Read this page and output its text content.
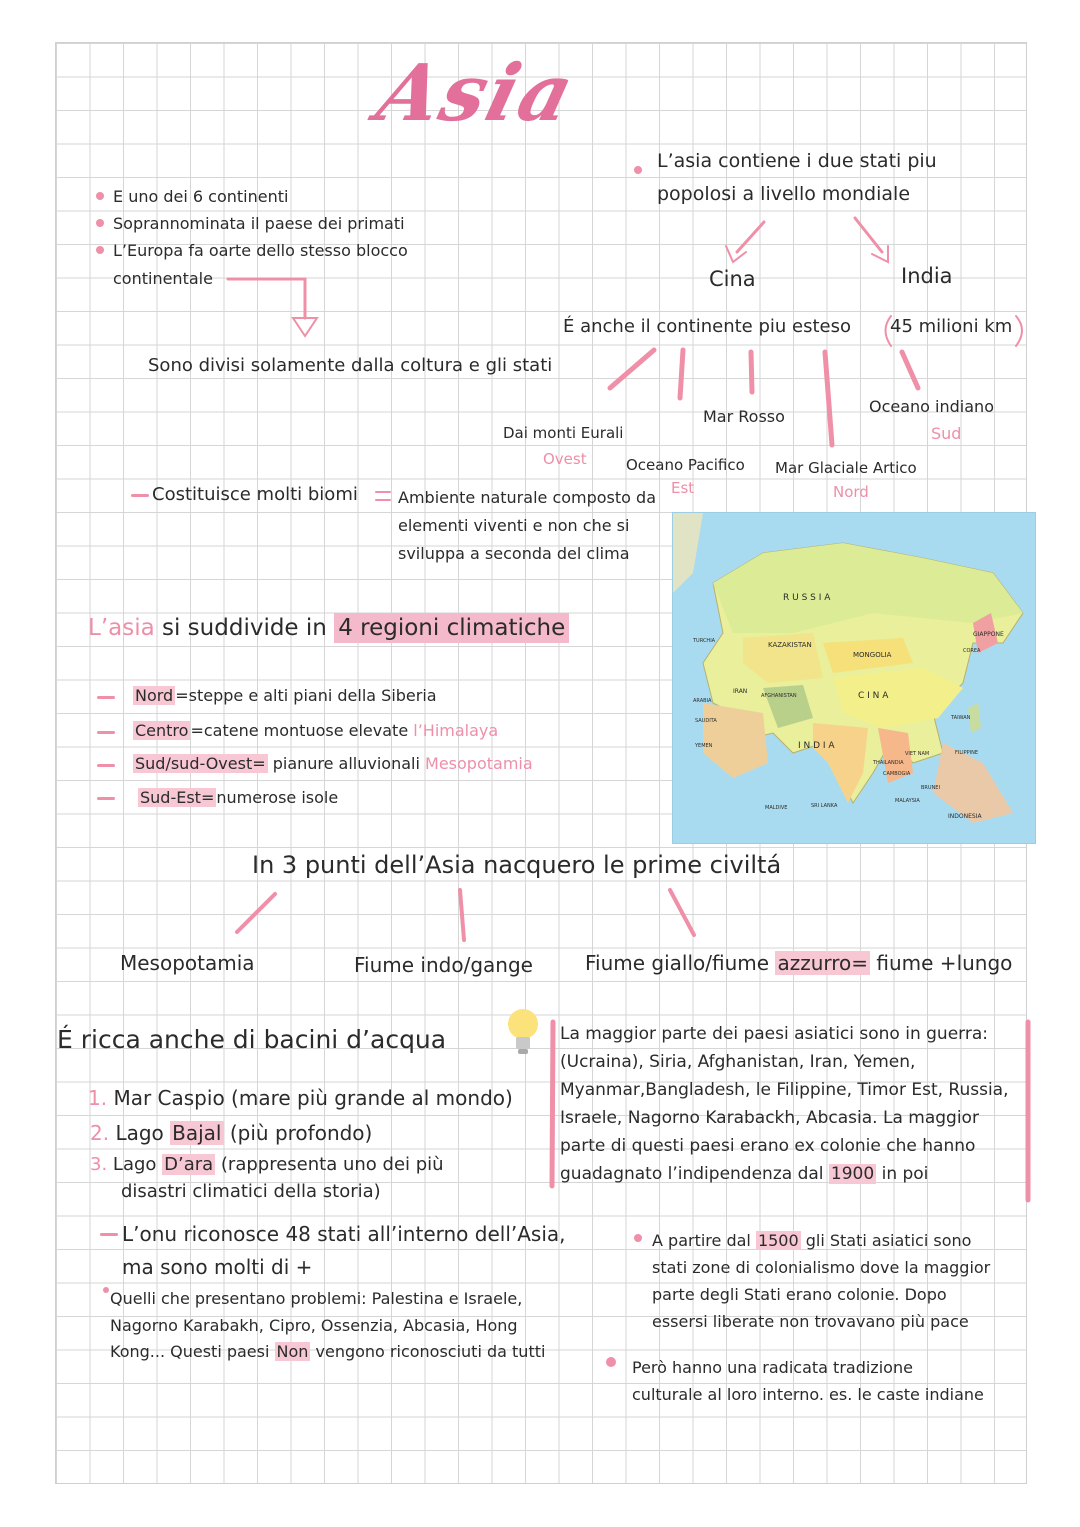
Asia
E uno dei 6 continenti
Soprannominata il paese dei primati
L’Europa fa oarte dello stesso blocco
continentale
Sono divisi solamente dalla coltura e gli stati
L’asia contiene i due stati piu
popolosi a livello mondiale
Cina	India
É anche il continente piu esteso 45 milioni km
Dai monti Eurali
Ovest	Oceano Pacifico
Est
Mar Rosso
Mar Glaciale Artico
Nord
Oceano indiano
Sud
Costituisce molti biomi	Ambiente naturale composto da elementi viventi e non che si sviluppa a seconda del clima
L’asia si suddivide in 4 regioni climatiche
Nord =steppe e alti piani della Siberia
Centro =catene montuose elevate l’Himalaya
Sud/sud-Ovest= pianure alluvionali Mesopotamia
Sud-Est= numerose isole
R U S S I A
KAZAKISTAN
MONGOLIA
C I N A
I N D I A
GIAPPONE
COREA
INDONESIA
IRAN
ARABIA
SAUDITA
YEMEN
TURCHIA
AFGHANISTAN
TAIWAN
FILIPPINE
MALAYSIA
BRUNEI
SRI LANKA
MALDIVE
VIET NAM
THAILANDIA
CAMBOGIA
In 3 punti dell’Asia nacquero le prime civiltá
Mesopotamia	Fiume indo/gange	Fiume giallo/fiume azzurro= fiume +lungo
É ricca anche di bacini d’acqua
1. Mar Caspio (mare più grande al mondo)
2. Lago Bajal (più profondo)
3. Lago D’ara (rappresenta uno dei più
disastri climatici della storia)
La maggior parte dei paesi asiatici sono in guerra:
(Ucraina), Siria, Afghanistan, Iran, Yemen,
Myanmar,Bangladesh, le Filippine, Timor Est, Russia,
Israele, Nagorno Karabackh, Abcasia. La maggior
parte di questi paesi erano ex colonie che hanno
guadagnato l’indipendenza dal 1900 in poi
L’onu riconosce 48 stati all’interno dell’Asia,
ma sono molti di +
Quelli che presentano problemi: Palestina e Israele,
Nagorno Karabakh, Cipro, Ossenzia, Abcasia, Hong
Kong... Questi paesi Non vengono riconosciuti da tutti
A partire dal 1500 gli Stati asiatici sono
stati zone di colonialismo dove la maggior
parte degli Stati erano colonie. Dopo
essersi liberate non trovavano più pace
Però hanno una radicata tradizione
culturale al loro interno. es. le caste indiane
